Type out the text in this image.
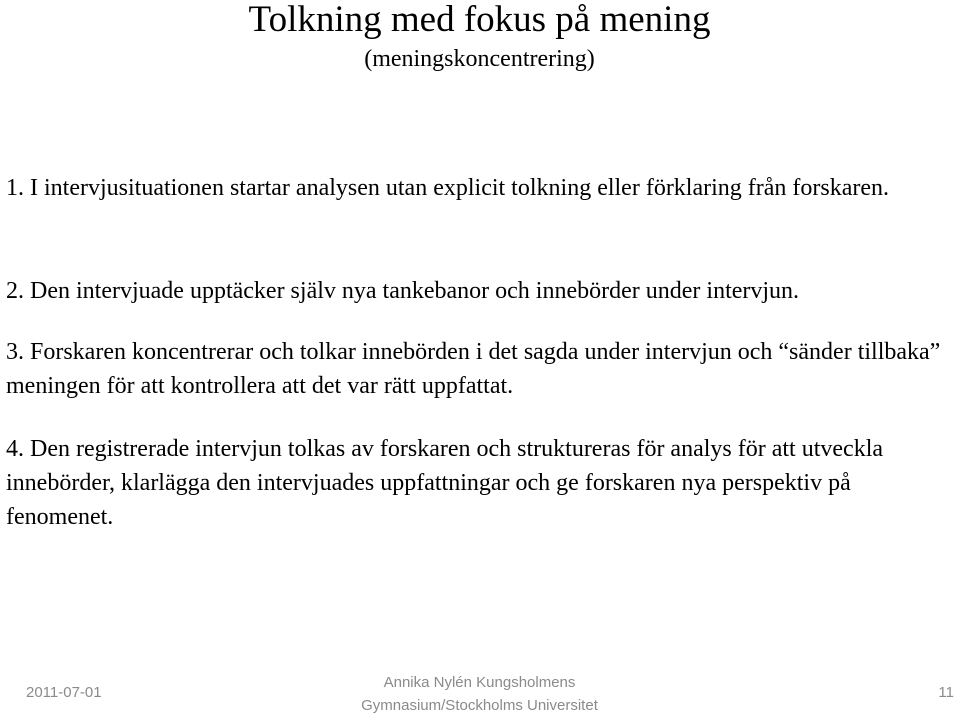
Tolkning med fokus på mening
(meningskoncentrering)

1. I intervjusituationen startar analysen utan explicit tolkning eller förklaring från forskaren.

2. Den intervjuade upptäcker själv nya tankebanor och innebörder under intervjun.

3. Forskaren koncentrerar och tolkar innebörden i det sagda under intervjun och “sänder tillbaka” meningen för att kontrollera att det var rätt uppfattat.

4. Den registrerade intervjun tolkas av forskaren och struktureras för analys för att utveckla innebörder, klarlägga den intervjuades uppfattningar och ge forskaren nya perspektiv på fenomenet.

2011-07-01
Annika Nylén Kungsholmens
Gymnasium/Stockholms Universitet
11
